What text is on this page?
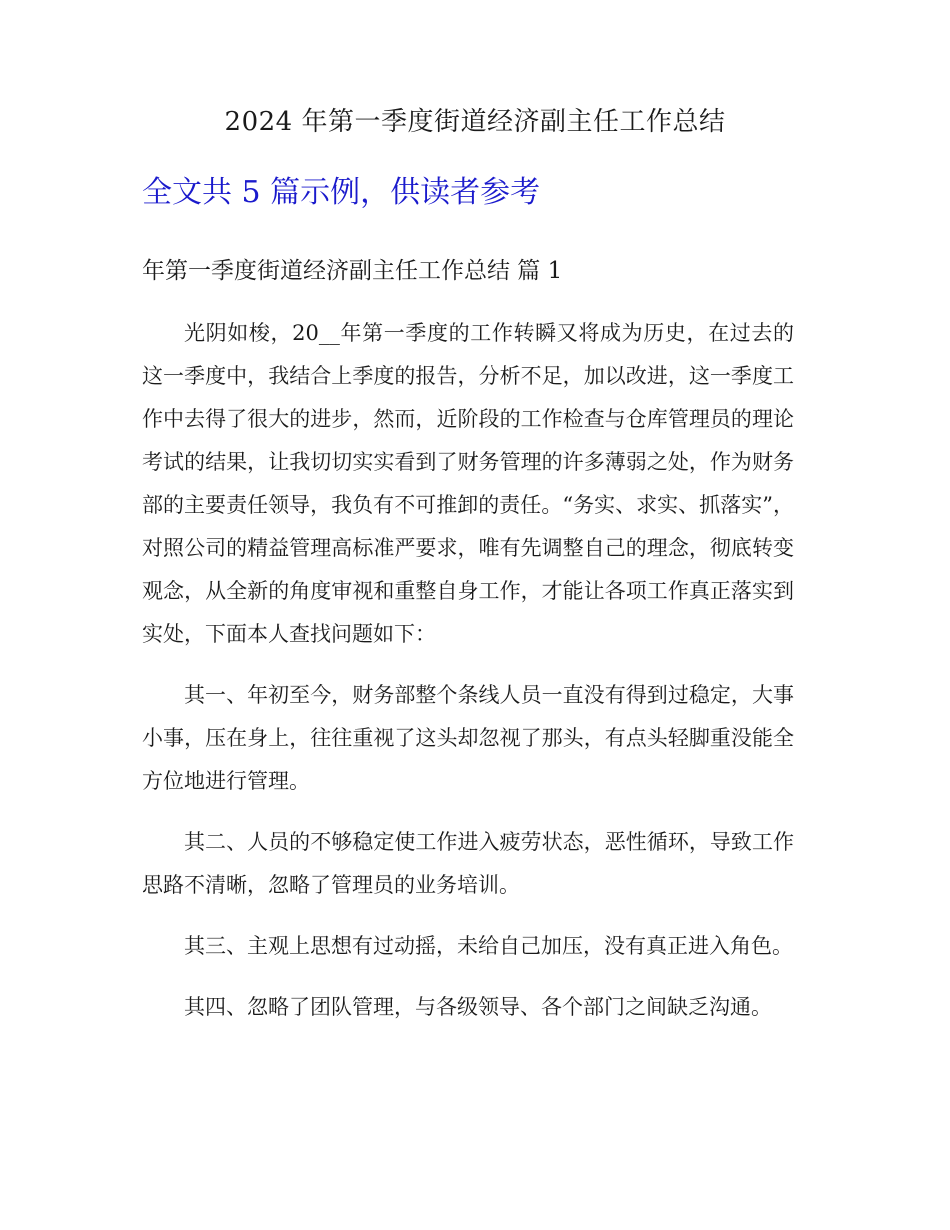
2024 年第一季度街道经济副主任工作总结

全文共 5 篇示例，供读者参考

年第一季度街道经济副主任工作总结 篇 1

光阴如梭，20__年第一季度的工作转瞬又将成为历史，在过去的这一季度中，我结合上季度的报告，分析不足，加以改进，这一季度工作中去得了很大的进步，然而，近阶段的工作检查与仓库管理员的理论考试的结果，让我切切实实看到了财务管理的许多薄弱之处，作为财务部的主要责任领导，我负有不可推卸的责任。“务实、求实、抓落实”，对照公司的精益管理高标准严要求，唯有先调整自己的理念，彻底转变观念，从全新的角度审视和重整自身工作，才能让各项工作真正落实到实处，下面本人查找问题如下：

其一、年初至今，财务部整个条线人员一直没有得到过稳定，大事小事，压在身上，往往重视了这头却忽视了那头，有点头轻脚重没能全方位地进行管理。

其二、人员的不够稳定使工作进入疲劳状态，恶性循环，导致工作思路不清晰，忽略了管理员的业务培训。

其三、主观上思想有过动摇，未给自己加压，没有真正进入角色。

其四、忽略了团队管理，与各级领导、各个部门之间缺乏沟通。
